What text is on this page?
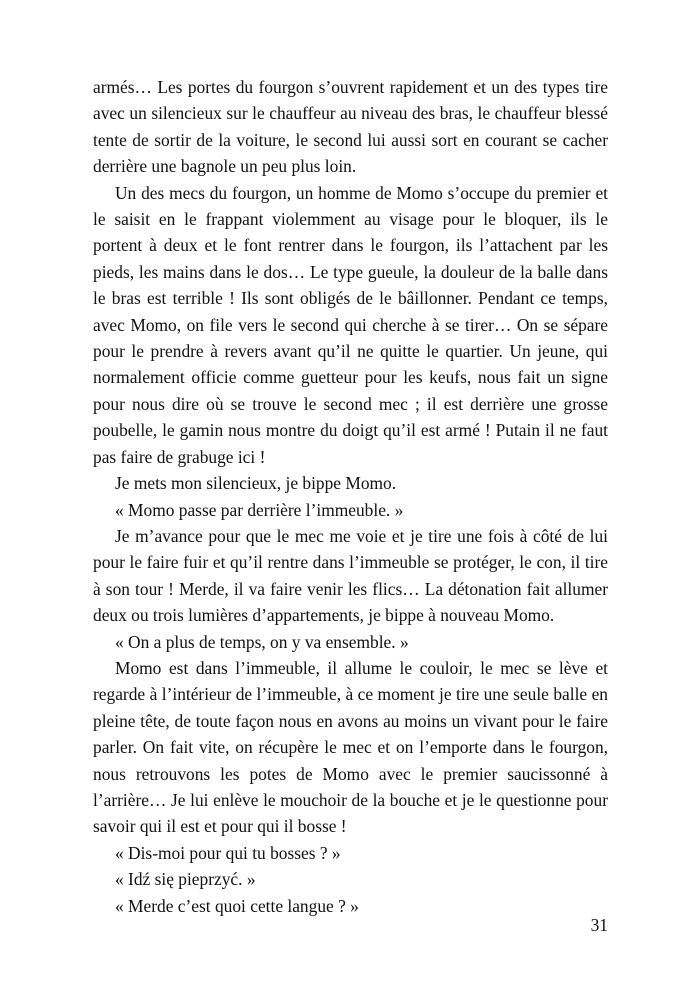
armés… Les portes du fourgon s’ouvrent rapidement et un des types tire avec un silencieux sur le chauffeur au niveau des bras, le chauffeur blessé tente de sortir de la voiture, le second lui aussi sort en courant se cacher derrière une bagnole un peu plus loin.

Un des mecs du fourgon, un homme de Momo s’occupe du premier et le saisit en le frappant violemment au visage pour le bloquer, ils le portent à deux et le font rentrer dans le fourgon, ils l’attachent par les pieds, les mains dans le dos… Le type gueule, la douleur de la balle dans le bras est terrible ! Ils sont obligés de le bâillonner. Pendant ce temps, avec Momo, on file vers le second qui cherche à se tirer… On se sépare pour le prendre à revers avant qu’il ne quitte le quartier. Un jeune, qui normalement officie comme guetteur pour les keufs, nous fait un signe pour nous dire où se trouve le second mec ; il est derrière une grosse poubelle, le gamin nous montre du doigt qu’il est armé ! Putain il ne faut pas faire de grabuge ici !

Je mets mon silencieux, je bippe Momo.

« Momo passe par derrière l’immeuble. »

Je m’avance pour que le mec me voie et je tire une fois à côté de lui pour le faire fuir et qu’il rentre dans l’immeuble se protéger, le con, il tire à son tour ! Merde, il va faire venir les flics… La détonation fait allumer deux ou trois lumières d’appartements, je bippe à nouveau Momo.

« On a plus de temps, on y va ensemble. »

Momo est dans l’immeuble, il allume le couloir, le mec se lève et regarde à l’intérieur de l’immeuble, à ce moment je tire une seule balle en pleine tête, de toute façon nous en avons au moins un vivant pour le faire parler. On fait vite, on récupère le mec et on l’emporte dans le fourgon, nous retrouvons les potes de Momo avec le premier saucissonné à l’arrière… Je lui enlève le mouchoir de la bouche et je le questionne pour savoir qui il est et pour qui il bosse !

« Dis-moi pour qui tu bosses ? »

« Idź się pieprzyć. »

« Merde c’est quoi cette langue ? »

31
